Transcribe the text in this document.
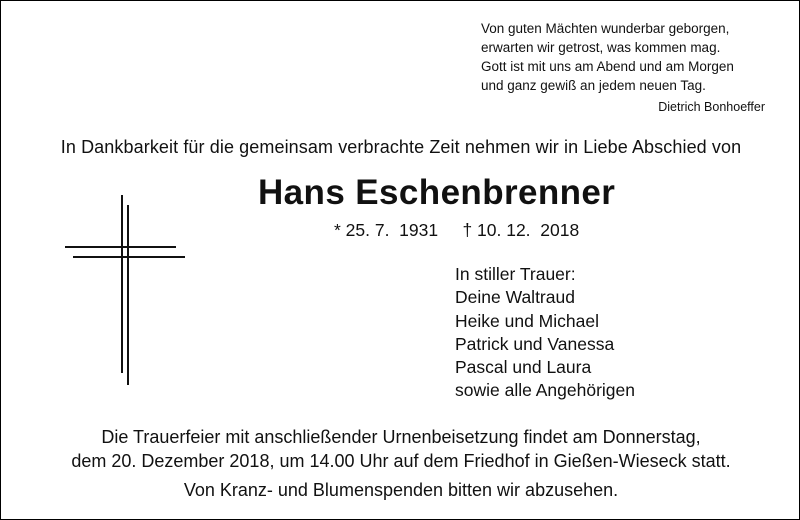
Von guten Mächten wunderbar geborgen,
erwarten wir getrost, was kommen mag.
Gott ist mit uns am Abend und am Morgen
und ganz gewiß an jedem neuen Tag.
Dietrich Bonhoeffer
In Dankbarkeit für die gemeinsam verbrachte Zeit nehmen wir in Liebe Abschied von
Hans Eschenbrenner
* 25. 7.  1931 † 10. 12.  2018
In stiller Trauer:
Deine Waltraud
Heike und Michael
Patrick und Vanessa
Pascal und Laura
sowie alle Angehörigen
Die Trauerfeier mit anschließender Urnenbeisetzung findet am Donnerstag,
dem 20. Dezember 2018, um 14.00 Uhr auf dem Friedhof in Gießen-Wieseck statt.
Von Kranz- und Blumenspenden bitten wir abzusehen.
